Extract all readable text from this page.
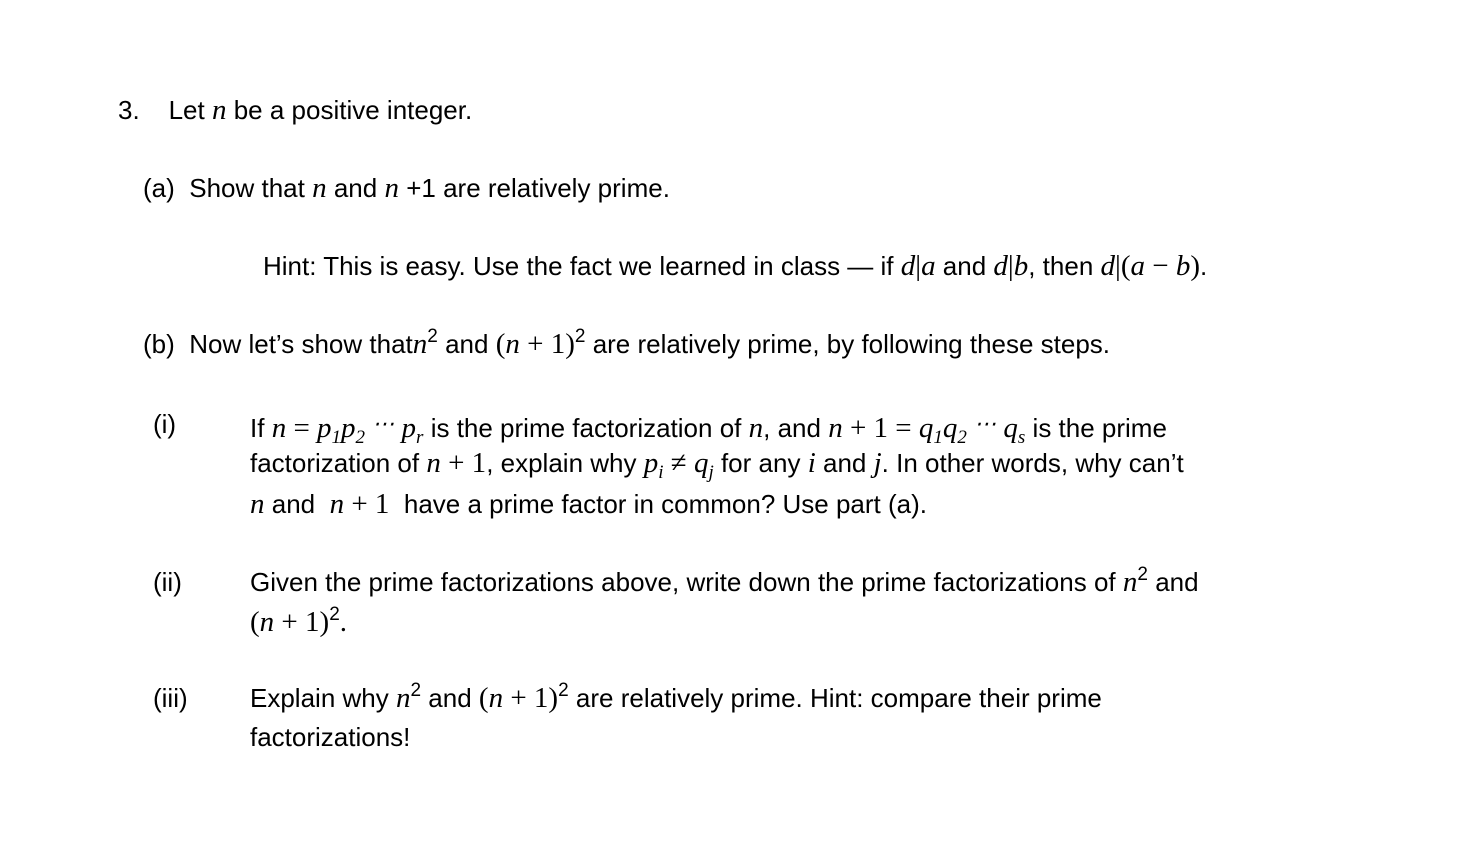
3. Let n be a positive integer.
(a) Show that n and n +1 are relatively prime.
Hint: This is easy. Use the fact we learned in class — if d|a and d|b, then d|(a − b).
(b) Now let’s show thatn$^2$ and $(n + 1)^2$ are relatively prime, by following these steps.
(i)	If $n = p_1p_2$ ⋯ $p_r$ is the prime factorization of n, and $n + 1 = q_1q_2$ ⋯ $q_s$ is the prime
factorization of n + 1, explain why $p_i \ne q_j$ for any i and j. In other words, why can’t
n and n + 1 have a prime factor in common? Use part (a).
(ii)	Given the prime factorizations above, write down the prime factorizations of $n^2$ and
$(n + 1)^2$.
(iii) Explain why $n^2$ and $(n + 1)^2$ are relatively prime. Hint: compare their prime
factorizations!
